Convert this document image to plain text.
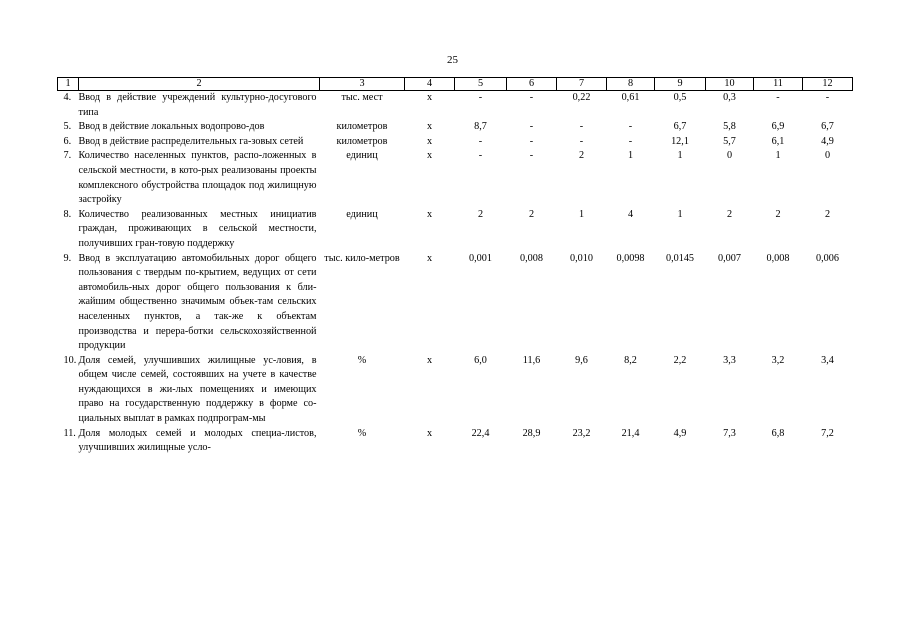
25
1	2	3	4	5	6	7	8	9	10	11	12
4.	Ввод в действие учреждений культурно-досугового типа	тыс. мест	х	-	-	0,22	0,61	0,5	0,3	-	-
5.	Ввод в действие локальных водопрово-дов	километров	х	8,7	-	-	-	6,7	5,8	6,9	6,7
6.	Ввод в действие распределительных га-зовых сетей	километров	х	-	-	-	-	12,1	5,7	6,1	4,9
7.	Количество населенных пунктов, распо-ложенных в сельской местности, в кото-рых реализованы проекты комплексного обустройства площадок под жилищную застройку	единиц	х	-	-	2	1	1	0	1	0
8.	Количество реализованных местных инициатив граждан, проживающих в сельской местности, получивших гран-товую поддержку	единиц	х	2	2	1	4	1	2	2	2
9.	Ввод в эксплуатацию автомобильных дорог общего пользования с твердым по-крытием, ведущих от сети автомобиль-ных дорог общего пользования к бли-жайшим общественно значимым объек-там сельских населенных пунктов, а так-же к объектам производства и перера-ботки сельскохозяйственной продукции	тыс. кило-метров	х	0,001	0,008	0,010	0,0098	0,0145	0,007	0,008	0,006
10.	Доля семей, улучшивших жилищные ус-ловия, в общем числе семей, состоявших на учете в качестве нуждающихся в жи-лых помещениях и имеющих право на государственную поддержку в форме со-циальных выплат в рамках подпрограм-мы	%	х	6,0	11,6	9,6	8,2	2,2	3,3	3,2	3,4
11.	Доля молодых семей и молодых специа-листов, улучшивших жилищные усло-	%	х	22,4	28,9	23,2	21,4	4,9	7,3	6,8	7,2
